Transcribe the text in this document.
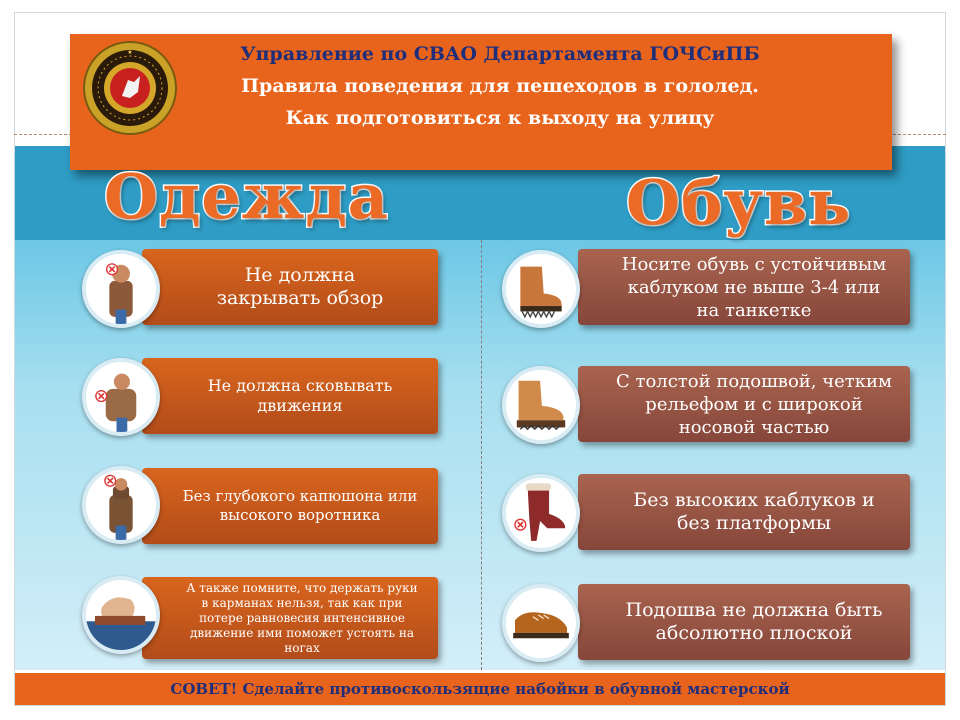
★	Управление по СВАО Департамента ГОЧСиПБ
Правила поведения для пешеходов в гололед.
Как подготовиться к выходу на улицу
Одежда	Обувь
Не должна закрывать обзор
Не должна сковывать движения
Без глубокого капюшона или высокого воротника
А также помните, что держать руки в карманах нельзя, так как при потере равновесия интенсивное движение ими поможет устоять на ногах
Носите обувь с устойчивым каблуком не выше 3-4 или на танкетке
С толстой подошвой, четким рельефом и с широкой носовой частью
Без высоких каблуков и без платформы
Подошва не должна быть абсолютно плоской
СОВЕТ! Сделайте противоскользящие набойки в обувной мастерской
